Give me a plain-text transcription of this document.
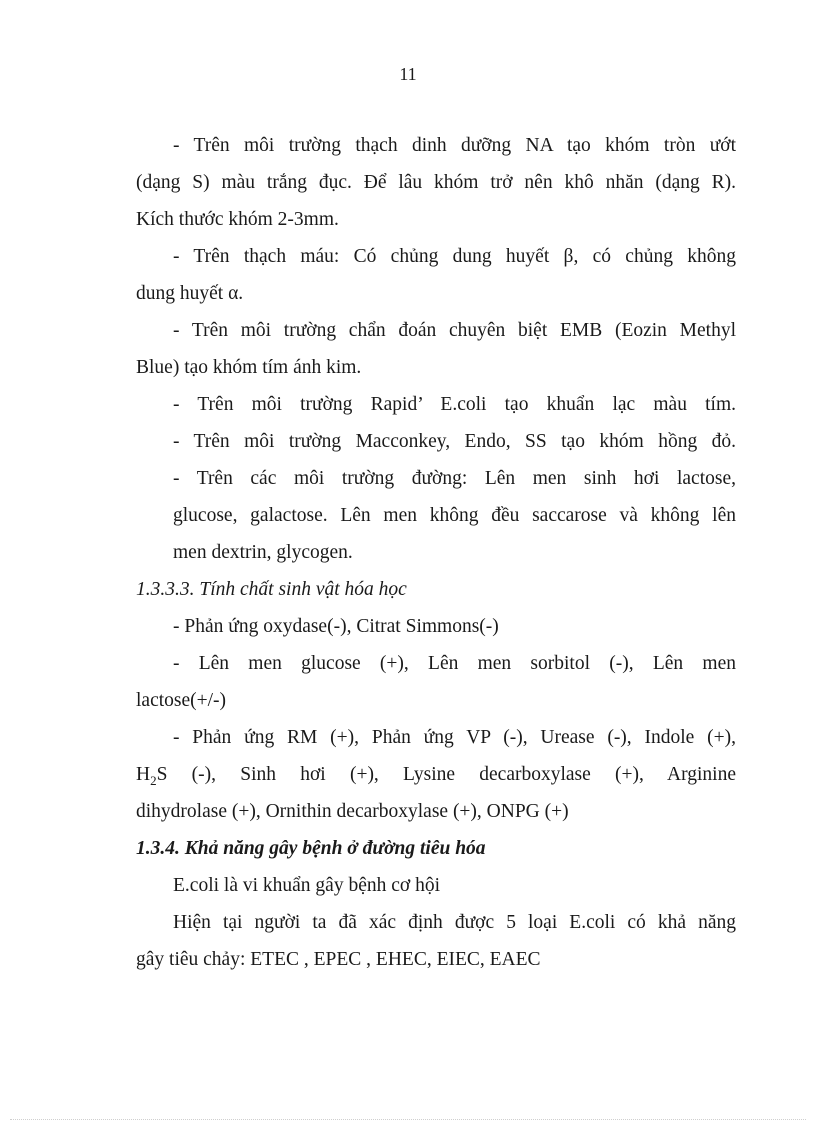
11
- Trên môi trường thạch dinh dưỡng NA tạo khóm tròn ướt
(dạng S) màu trắng đục. Để lâu khóm trở nên khô nhăn (dạng R).
Kích thước khóm 2-3mm.
- Trên thạch máu: Có chủng dung huyết β, có chủng không
dung huyết α.
- Trên môi trường chẩn đoán chuyên biệt EMB (Eozin Methyl
Blue) tạo khóm tím ánh kim.
- Trên môi trường Rapid’ E.coli tạo khuẩn lạc màu tím.
- Trên môi trường Macconkey, Endo, SS tạo khóm hồng đỏ.
- Trên các môi trường đường: Lên men sinh hơi lactose,
glucose, galactose. Lên men không đều saccarose và không lên
men dextrin, glycogen.
1.3.3.3. Tính chất sinh vật hóa học
- Phản ứng oxydase(-), Citrat Simmons(-)
- Lên men glucose (+), Lên men sorbitol (-), Lên men
lactose(+/-)
- Phản ứng RM (+), Phản ứng VP (-), Urease (-), Indole (+),
$H_2S$ (-), Sinh hơi (+), Lysine decarboxylase (+), Arginine
dihydrolase (+), Ornithin decarboxylase (+), ONPG (+)
1.3.4. Khả năng gây bệnh ở đường tiêu hóa
E.coli là vi khuẩn gây bệnh cơ hội
Hiện tại người ta đã xác định được 5 loại E.coli có khả năng
gây tiêu chảy: ETEC , EPEC , EHEC, EIEC, EAEC
